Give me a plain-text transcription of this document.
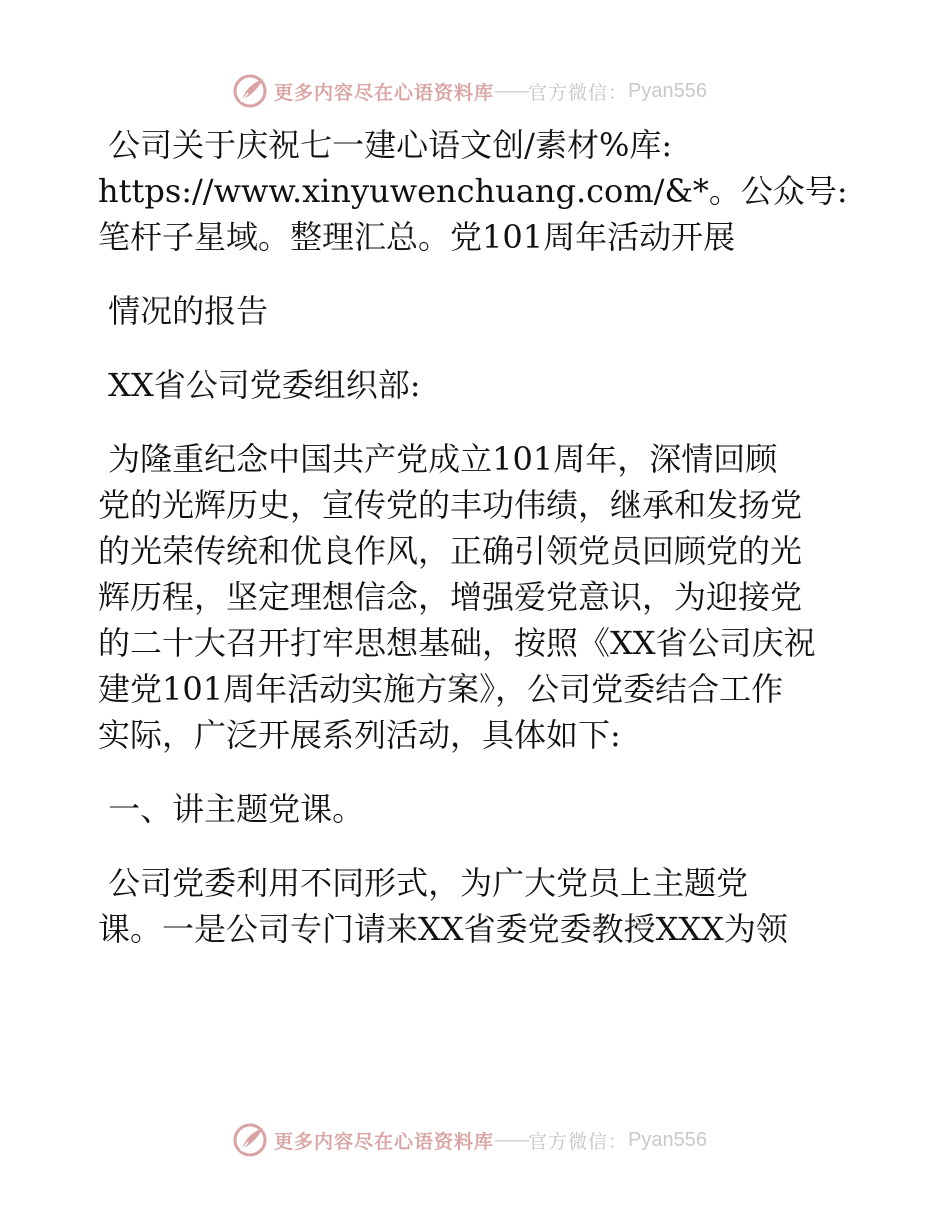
更多内容尽在心语资料库 —— 官方微信： Pyan556
公司关于庆祝七一建心语文创/素材%库:
https://www.xinyuwenchuang.com/&*。公众号:
笔杆子星域。整理汇总。党101周年活动开展
情况的报告
XX省公司党委组织部:
为隆重纪念中国共产党成立101周年，深情回顾
党的光辉历史，宣传党的丰功伟绩，继承和发扬党
的光荣传统和优良作风，正确引领党员回顾党的光
辉历程，坚定理想信念，增强爱党意识，为迎接党
的二十大召开打牢思想基础，按照《XX省公司庆祝
建党101周年活动实施方案》，公司党委结合工作
实际，广泛开展系列活动，具体如下:
一、讲主题党课。
公司党委利用不同形式，为广大党员上主题党
课。一是公司专门请来XX省委党委教授XXX为领
更多内容尽在心语资料库 —— 官方微信： Pyan556
